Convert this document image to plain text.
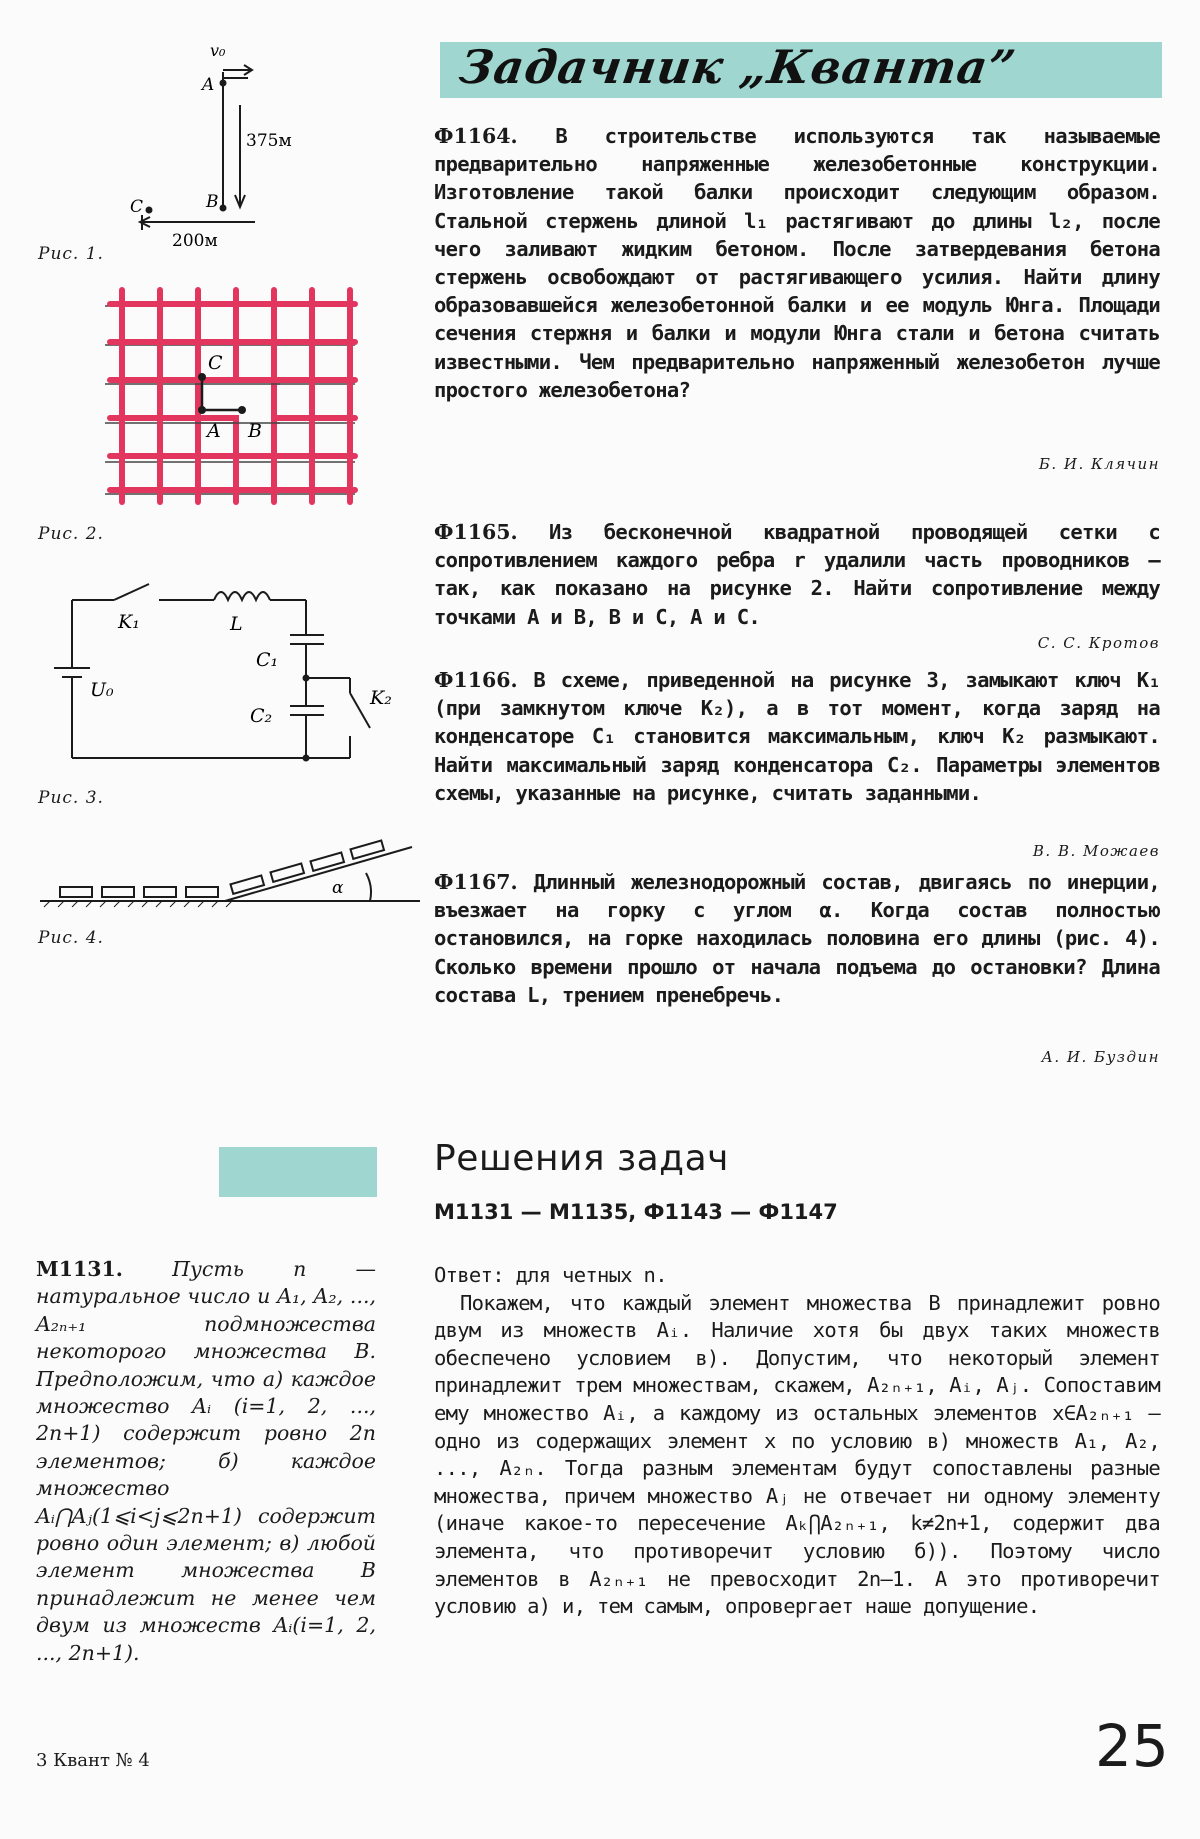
Задачник „Кванта”
v₀
A
B
C
375м
200м
Рис. 1.
C
A B
Рис. 2.
K₁	L
C₁
C₂
K₂
U₀
Рис. 3.
α
Рис. 4.
Ф1164. В строительстве используются так называемые предварительно напряженные железобетонные конструкции. Изготовление такой балки происходит следующим образом. Стальной стержень длиной l₁ растягивают до длины l₂, после чего заливают жидким бетоном. После затвердевания бетона стержень освобождают от растягивающего усилия. Найти длину образовавшейся железобетонной балки и ее модуль Юнга. Площади сечения стержня и балки и модули Юнга стали и бетона считать известными. Чем предварительно напряженный железобетон лучше простого железобетона?
Б. И. Клячин
Ф1165. Из бесконечной квадратной проводящей сетки с сопротивлением каждого ребра r удалили часть проводников — так, как показано на рисунке 2. Найти сопротивление между точками A и B, B и C, A и C.
С. С. Кротов
Ф1166. В схеме, приведенной на рисунке 3, замыкают ключ К₁ (при замкнутом ключе К₂), а в тот момент, когда заряд на конденсаторе C₁ становится максимальным, ключ К₂ размыкают. Найти максимальный заряд конденсатора C₂. Параметры элементов схемы, указанные на рисунке, считать заданными.
В. В. Можаев
Ф1167. Длинный железнодорожный состав, двигаясь по инерции, въезжает на горку с углом α. Когда состав полностью остановился, на горке находилась половина его длины (рис. 4). Сколько времени прошло от начала подъема до остановки? Длина состава L, трением пренебречь.
А. И. Буздин
Решения задач
М1131 — М1135, Ф1143 — Ф1147
М1131. Пусть n — натуральное число и A₁, A₂, ..., A₂ₙ₊₁ подмножества некоторого множества B. Предположим, что а) каждое множество Aᵢ (i=1, 2, ..., 2n+1) содержит ровно 2n элементов; б) каждое множество Aᵢ⋂Aⱼ(1⩽i<j⩽2n+1) содержит ровно один элемент; в) любой элемент множества B принадлежит не менее чем двум из множеств Aᵢ(i=1, 2, ..., 2n+1).
Ответ: для четных n.
Покажем, что каждый элемент множества B принадлежит ровно двум из множеств Aᵢ. Наличие хотя бы двух таких множеств обеспечено условием в). Допустим, что некоторый элемент принадлежит трем множествам, скажем, A₂ₙ₊₁, Aᵢ, Aⱼ. Сопоставим ему множество Aᵢ, а каждому из остальных элементов x∈A₂ₙ₊₁ — одно из содержащих элемент x по условию в) множеств A₁, A₂, ..., A₂ₙ. Тогда разным элементам будут сопоставлены разные множества, причем множество Aⱼ не отвечает ни одному элементу (иначе какое-то пересечение Aₖ⋂A₂ₙ₊₁, k≠2n+1, содержит два элемента, что противоречит условию б)). Поэтому число элементов в A₂ₙ₊₁ не превосходит 2n—1. А это противоречит условию а) и, тем самым, опровергает наше допущение.
3 Квант № 4	25
